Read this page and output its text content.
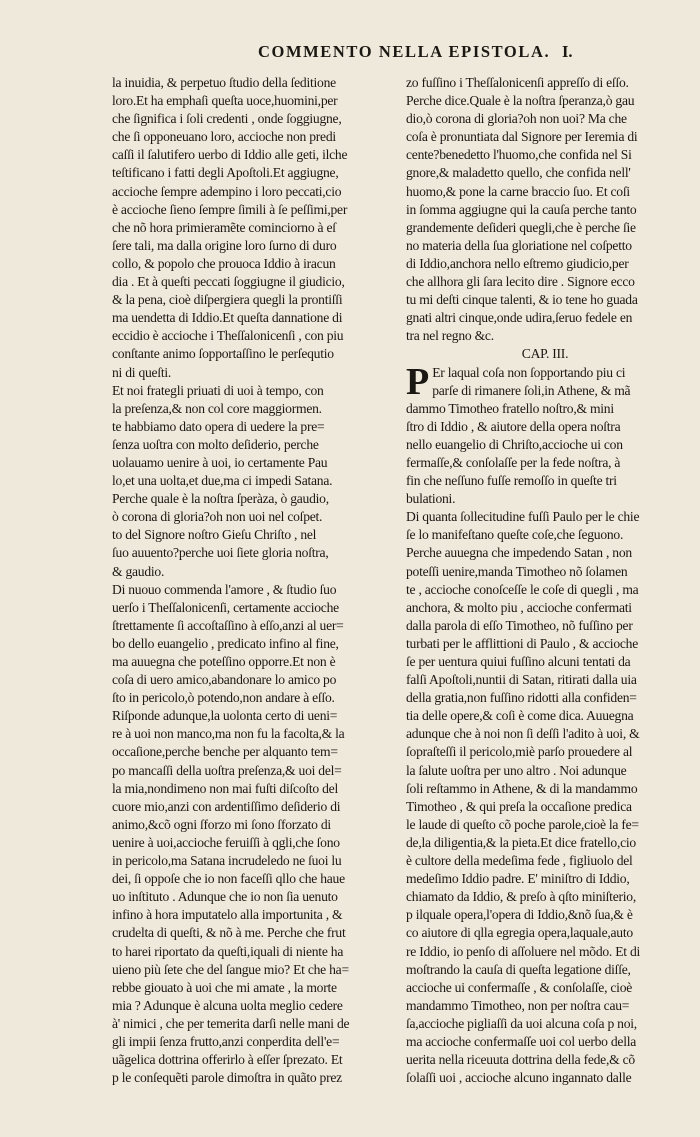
COMMENTO NELLA EPISTOLA. I.
la inuidia, & perpetuo ſtudio della ſeditione
loro.Et ha emphaſi queſta uoce,huomini,per
che ſignifica i ſoli credenti , onde ſoggiugne,
che ſi opponeuano loro, accioche non predi
caſſi il ſalutifero uerbo di Iddio alle geti, ilche
teſtificano i fatti degli Apoſtoli.Et aggiugne,
accioche ſempre adempino i loro peccati,cio
è accioche ſieno ſempre ſimili à ſe peſſimi,per
che nõ hora primieramẽte cominciorno à eſ
ſere tali, ma dalla origine loro ſurno di duro
collo, & popolo che prouoca Iddio à iracun
dia . Et à queſti peccati ſoggiugne il giudicio,
& la pena, cioè diſpergiera quegli la prontiſſi
ma uendetta di Iddio.Et queſta dannatione di
eccidio è accioche i Theſſalonicenſi , con piu
conſtante animo ſopportaſſino le perſequtio
ni di queſti.
Et noi frategli priuati di uoi à tempo, con
la preſenza,& non col core maggiormen.
te habbiamo dato opera di uedere la pre=
ſenza uoſtra con molto deſiderio, perche
uolauamo uenire à uoi, io certamente Pau
lo,et una uolta,et due,ma ci impedi Satana.
Perche quale è la noſtra ſperàza, ò gaudio,
ò corona di gloria?oh non uoi nel coſpet.
to del Signore noſtro Gieſu Chriſto , nel
ſuo auuento?perche uoi ſiete gloria noſtra,
& gaudio.
Di nuouo commenda l'amore , & ſtudio ſuo
uerſo i Theſſalonicenſi, certamente accioche
ſtrettamente ſi accoſtaſſino à eſſo,anzi al uer=
bo dello euangelio , predicato infino al fine,
ma auuegna che poteſſino opporre.Et non è
coſa di uero amico,abandonare lo amico po
ſto in pericolo,ò potendo,non andare à eſſo.
Riſponde adunque,la uolonta certo di ueni=
re à uoi non manco,ma non fu la facolta,& la
occaſione,perche benche per alquanto tem=
po mancaſſi della uoſtra preſenza,& uoi del=
la mia,nondimeno non mai fuſti diſcoſto del
cuore mio,anzi con ardentiſſimo deſiderio di
animo,&cõ ogni ſforzo mi ſono ſforzato di
uenire à uoi,accioche feruiſſi à qgli,che ſono
in pericolo,ma Satana incrudeledo ne ſuoi lu
dei, ſi oppoſe che io non faceſſi qllo che haue
uo inſtituto . Adunque che io non ſia uenuto
infino à hora imputatelo alla importunita , &
crudelta di queſti, & nõ à me. Perche che frut
to harei riportato da queſti,iquali di niente ha
uieno più ſete che del ſangue mio? Et che ha=
rebbe giouato à uoi che mi amate , la morte
mia ? Adunque è alcuna uolta meglio cedere
à' nimici , che per temerita darſi nelle mani de
gli impii ſenza frutto,anzi conperdita dell'e=
uãgelica dottrina offerirlo à eſſer ſprezato. Et
p le conſequẽti parole dimoſtra in quãto prez
zo fuſſino i Theſſalonicenſi appreſſo di eſſo.
Perche dice.Quale è la noſtra ſperanza,ò gau
dio,ò corona di gloria?oh non uoi? Ma che
coſa è pronuntiata dal Signore per Ieremia di
cente?benedetto l'huomo,che confida nel Si
gnore,& maladetto quello, che confida nell'
huomo,& pone la carne braccio ſuo. Et coſi
in ſomma aggiugne qui la cauſa perche tanto
grandemente deſideri quegli,che è perche ſie
no materia della ſua gloriatione nel coſpetto
di Iddio,anchora nello eſtremo giudicio,per
che allhora gli ſara lecito dire . Signore ecco
tu mi deſti cinque talenti, & io tene ho guada
gnati altri cinque,onde udira,ſeruo fedele en
tra nel regno &c.
CAP. III.
P Er laqual coſa non ſopportando piu ci
parſe di rimanere ſoli,in Athene, & mã
dammo Timotheo fratello noſtro,& mini
ſtro di Iddio , & aiutore della opera noſtra
nello euangelio di Chriſto,accioche ui con
fermaſſe,& conſolaſſe per la fede noſtra, à
fin che neſſuno fuſſe remoſſo in queſte tri
bulationi.
Di quanta ſollecitudine fuſſi Paulo per le chie
ſe lo manifeſtano queſte coſe,che ſeguono.
Perche auuegna che impedendo Satan , non
poteſſi uenire,manda Timotheo nõ ſolamen
te , accioche conoſceſſe le coſe di quegli , ma
anchora, & molto piu , accioche confermati
dalla parola di eſſo Timotheo, nõ fuſſino per
turbati per le afflittioni di Paulo , & accioche
ſe per uentura quiui fuſſino alcuni tentati da
falſi Apoſtoli,nuntii di Satan, ritirati dalla uia
della gratia,non fuſſino ridotti alla confiden=
tia delle opere,& coſi è come dica. Auuegna
adunque che à noi non ſi deſſi l'adito à uoi, &
ſopraſteſſi il pericolo,miè parſo prouedere al
la ſalute uoſtra per uno altro . Noi adunque
ſoli reſtammo in Athene, & di la mandammo
Timotheo , & qui preſa la occaſione predica
le laude di queſto cõ poche parole,cioè la fe=
de,la diligentia,& la pieta.Et dice fratello,cio
è cultore della medeſima fede , figliuolo del
medeſimo Iddio padre. E' miniſtro di Iddio,
chiamato da Iddio, & preſo à qſto miniſterio,
p ilquale opera,l'opera di Iddio,&nõ ſua,& è
co aiutore di qlla egregia opera,laquale,auto
re Iddio, io penſo di aſſoluere nel mõdo. Et di
moſtrando la cauſa di queſta legatione diſſe,
accioche ui confermaſſe , & conſolaſſe, cioè
mandammo Timotheo, non per noſtra cau=
ſa,accioche pigliaſſi da uoi alcuna coſa p noi,
ma accioche confermaſſe uoi col uerbo della
uerita nella riceuuta dottrina della fede,& cõ
ſolaſſi uoi , accioche alcuno ingannato dalle
